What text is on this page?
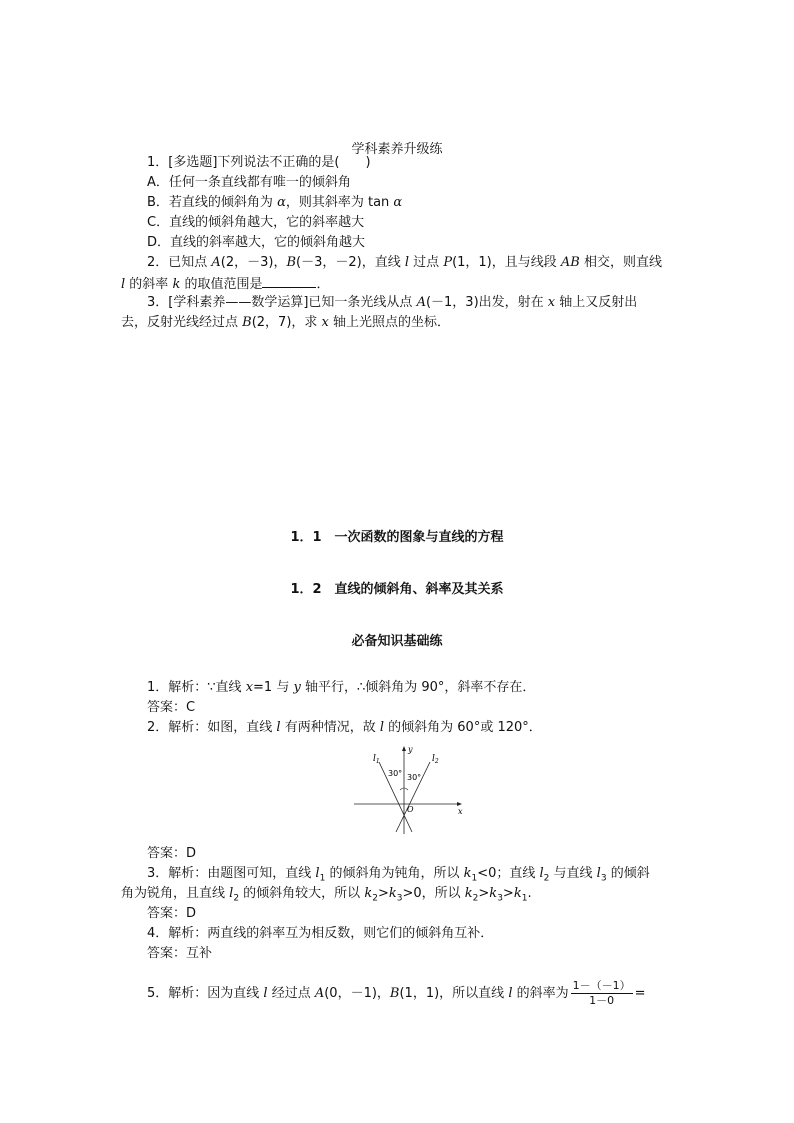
学科素养升级练
1．[多选题]下列说法不正确的是(　　)
A．任何一条直线都有唯一的倾斜角
B．若直线的倾斜角为 α，则其斜率为 tan α
C．直线的倾斜角越大，它的斜率越大
D．直线的斜率越大，它的倾斜角越大
2．已知点 A(2，－3)，B(－3，－2)，直线 l 过点 P(1，1)，且与线段 AB 相交，则直线
l 的斜率 k 的取值范围是	．
3．[学科素养——数学运算]已知一条光线从点 A(－1，3)出发，射在 x 轴上又反射出
去，反射光线经过点 B(2，7)，求 x 轴上光照点的坐标．
1．1　一次函数的图象与直线的方程
1．2　直线的倾斜角、斜率及其关系
必备知识基础练
1．解析：∵直线 x=1 与 y 轴平行，∴倾斜角为 90°，斜率不存在．
答案：C
2．解析：如图，直线 l 有两种情况，故 l 的倾斜角为 60°或 120°．
$l_1$	$l_2$
y
x
O
30° 30°
答案：D
3．解析：由题图可知，直线 $l_1$ 的倾斜角为钝角，所以 $k_1<0$；直线 $l_2$ 与直线 $l_3$ 的倾斜
角为锐角，且直线 $l_2$ 的倾斜角较大，所以 $k_2>k_3>0$，所以 $k_2>k_3>k_1$.
答案：D
4．解析：两直线的斜率互为相反数，则它们的倾斜角互补．
答案：互补
5．解析：因为直线 l 经过点 A(0，－1)，B(1，1)，所以直线 l 的斜率为 $\frac{1-(-1)}{1-0}$ =
